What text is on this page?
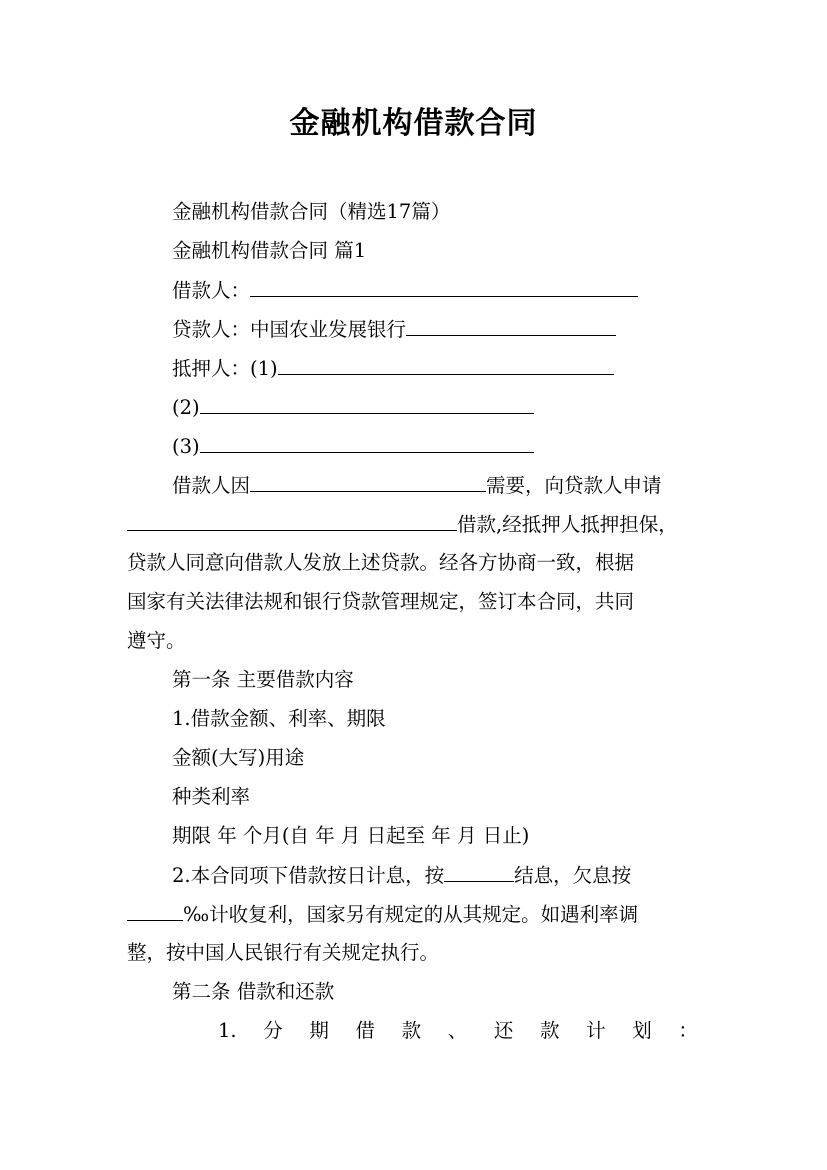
金融机构借款合同
金融机构借款合同（精选17篇）
金融机构借款合同 篇1
借款人：
贷款人：中国农业发展银行
抵押人：(1)
(2)
(3)
借款人因	需要，向贷款人申请
借款,经抵押人抵押担保，
贷款人同意向借款人发放上述贷款。经各方协商一致，根据
国家有关法律法规和银行贷款管理规定，签订本合同，共同
遵守。
第一条 主要借款内容
1.借款金额、利率、期限
金额(大写)用途
种类利率
期限 年 个月(自 年 月 日起至 年 月 日止)
2.本合同项下借款按日计息，按	结息，欠息按
‰计收复利，国家另有规定的从其规定。如遇利率调
整，按中国人民银行有关规定执行。
第二条 借款和还款
1. 分 期 借 款 、 还 款 计 划 ：
